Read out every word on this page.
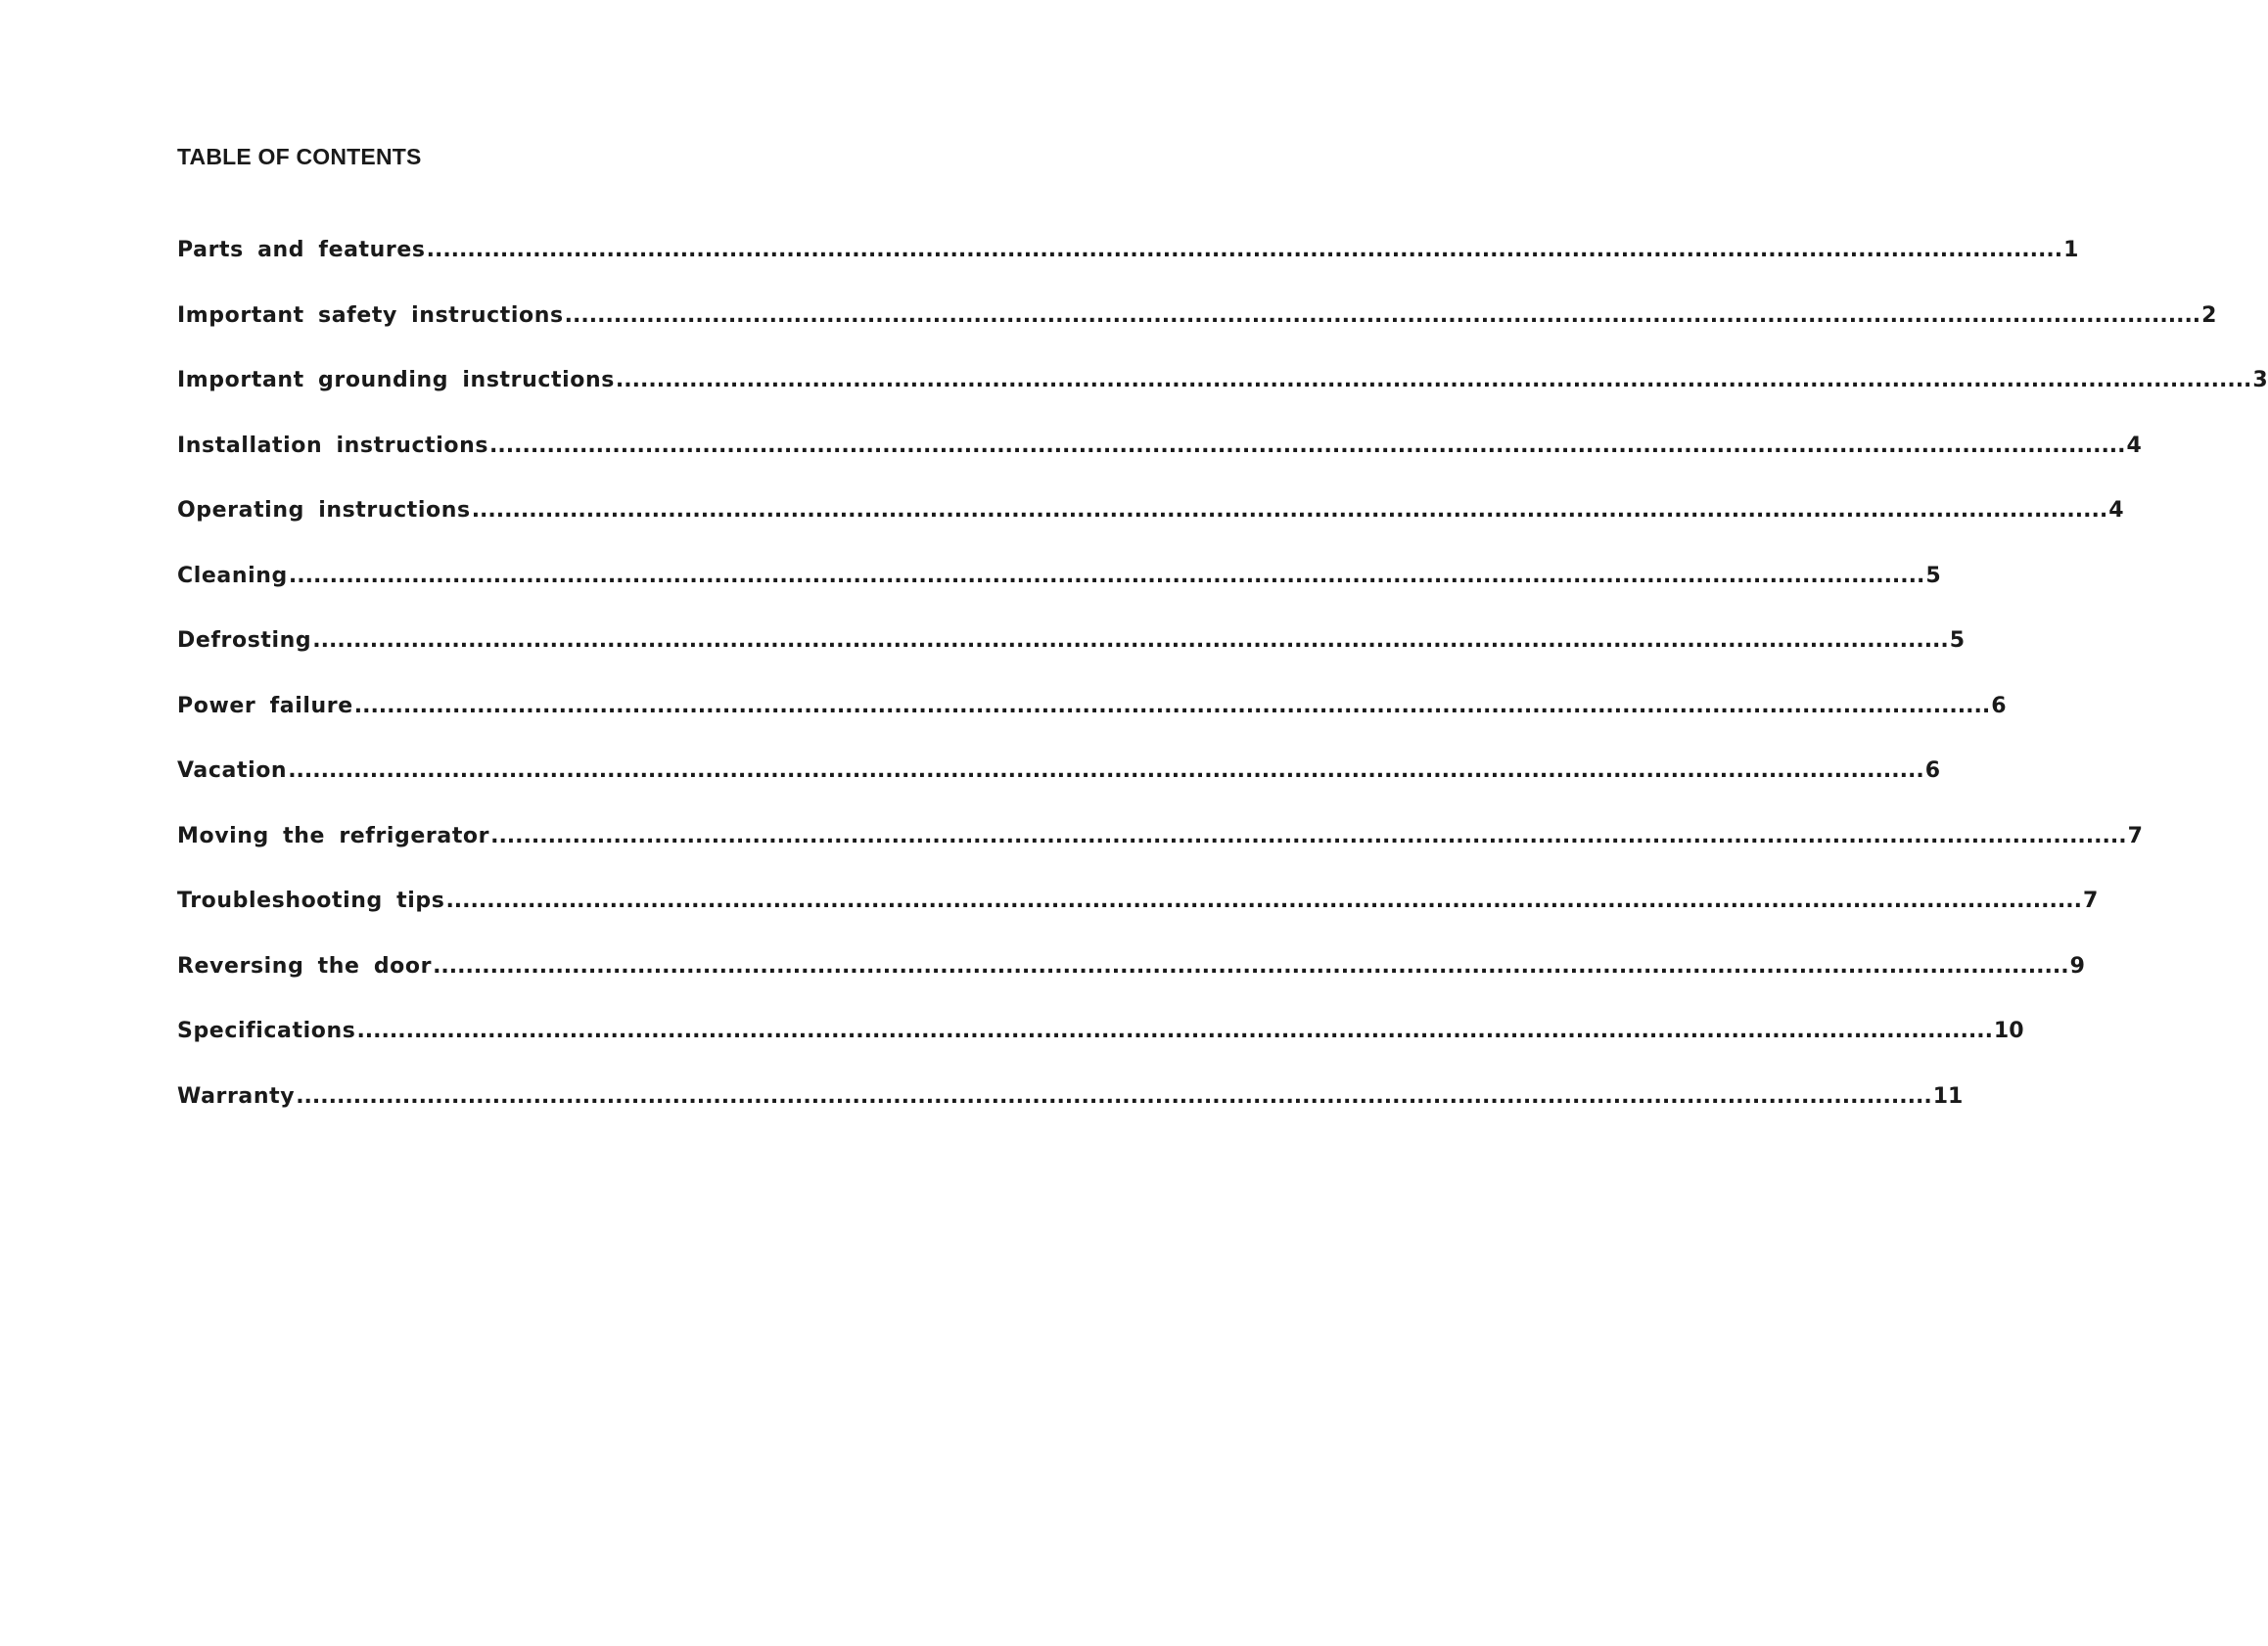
TABLE OF CONTENTS
Parts and features ........................................................................................................................................................................................................ 1
Important safety instructions ........................................................................................................................................................................................................ 2
Important grounding instructions ........................................................................................................................................................................................................ 3
Installation instructions ........................................................................................................................................................................................................ 4
Operating instructions ........................................................................................................................................................................................................ 4
Cleaning ........................................................................................................................................................................................................ 5
Defrosting ........................................................................................................................................................................................................ 5
Power failure ........................................................................................................................................................................................................ 6
Vacation ........................................................................................................................................................................................................ 6
Moving the refrigerator ........................................................................................................................................................................................................ 7
Troubleshooting tips ........................................................................................................................................................................................................ 7
Reversing the door ........................................................................................................................................................................................................ 9
Specifications ........................................................................................................................................................................................................ 10
Warranty ........................................................................................................................................................................................................ 11
